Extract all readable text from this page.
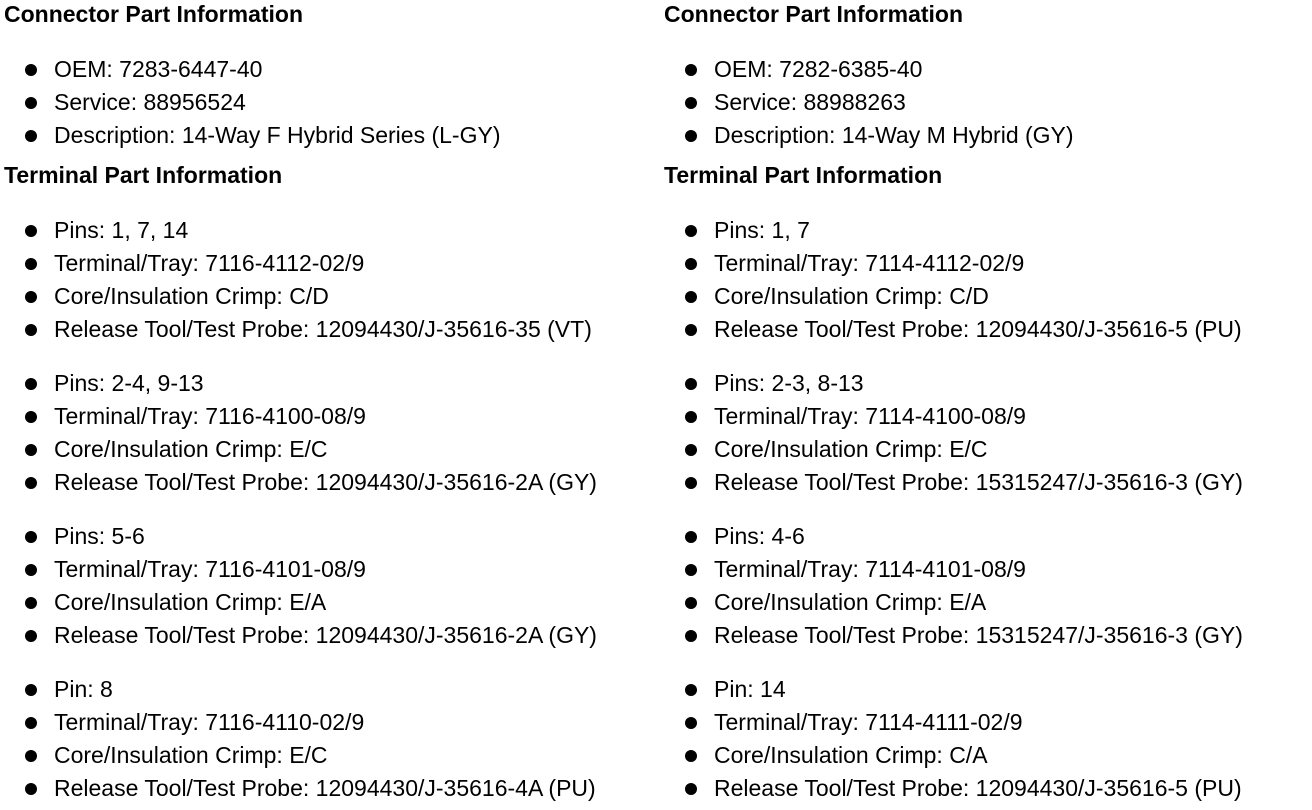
Connector Part Information
OEM: 7283-6447-40
Service: 88956524
Description: 14-Way F Hybrid Series (L-GY)
Terminal Part Information
Pins: 1, 7, 14
Terminal/Tray: 7116-4112-02/9
Core/Insulation Crimp: C/D
Release Tool/Test Probe: 12094430/J-35616-35 (VT)
Pins: 2-4, 9-13
Terminal/Tray: 7116-4100-08/9
Core/Insulation Crimp: E/C
Release Tool/Test Probe: 12094430/J-35616-2A (GY)
Pins: 5-6
Terminal/Tray: 7116-4101-08/9
Core/Insulation Crimp: E/A
Release Tool/Test Probe: 12094430/J-35616-2A (GY)
Pin: 8
Terminal/Tray: 7116-4110-02/9
Core/Insulation Crimp: E/C
Release Tool/Test Probe: 12094430/J-35616-4A (PU)
Connector Part Information
OEM: 7282-6385-40
Service: 88988263
Description: 14-Way M Hybrid (GY)
Terminal Part Information
Pins: 1, 7
Terminal/Tray: 7114-4112-02/9
Core/Insulation Crimp: C/D
Release Tool/Test Probe: 12094430/J-35616-5 (PU)
Pins: 2-3, 8-13
Terminal/Tray: 7114-4100-08/9
Core/Insulation Crimp: E/C
Release Tool/Test Probe: 15315247/J-35616-3 (GY)
Pins: 4-6
Terminal/Tray: 7114-4101-08/9
Core/Insulation Crimp: E/A
Release Tool/Test Probe: 15315247/J-35616-3 (GY)
Pin: 14
Terminal/Tray: 7114-4111-02/9
Core/Insulation Crimp: C/A
Release Tool/Test Probe: 12094430/J-35616-5 (PU)
